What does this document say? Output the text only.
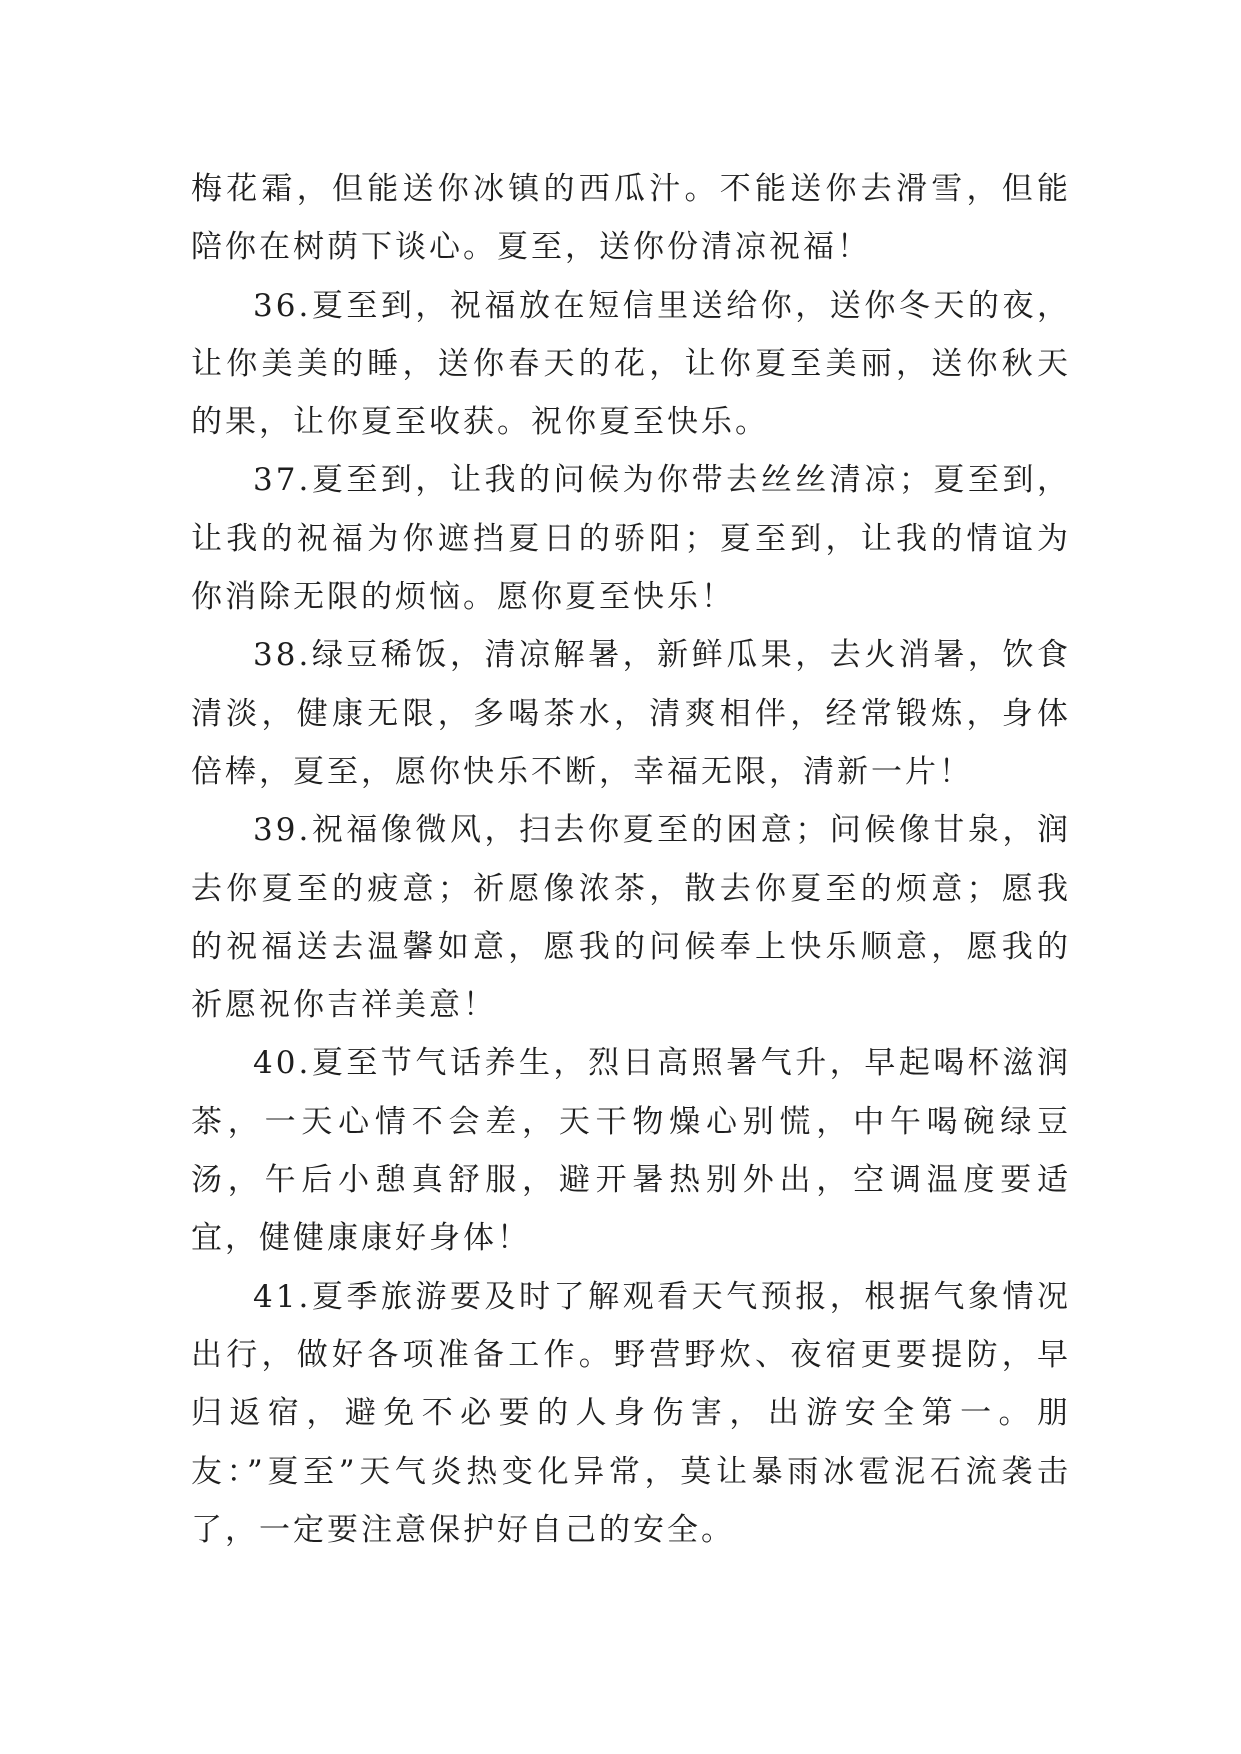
梅花霜，但能送你冰镇的西瓜汁。不能送你去滑雪，但能陪你在树荫下谈心。夏至，送你份清凉祝福！

36.夏至到，祝福放在短信里送给你，送你冬天的夜，让你美美的睡，送你春天的花，让你夏至美丽，送你秋天的果，让你夏至收获。祝你夏至快乐。

37.夏至到，让我的问候为你带去丝丝清凉；夏至到，让我的祝福为你遮挡夏日的骄阳；夏至到，让我的情谊为你消除无限的烦恼。愿你夏至快乐！

38.绿豆稀饭，清凉解暑，新鲜瓜果，去火消暑，饮食清淡，健康无限，多喝茶水，清爽相伴，经常锻炼，身体倍棒，夏至，愿你快乐不断，幸福无限，清新一片！

39.祝福像微风，扫去你夏至的困意；问候像甘泉，润去你夏至的疲意；祈愿像浓茶，散去你夏至的烦意；愿我的祝福送去温馨如意，愿我的问候奉上快乐顺意，愿我的祈愿祝你吉祥美意！

40.夏至节气话养生，烈日高照暑气升，早起喝杯滋润茶，一天心情不会差，天干物燥心别慌，中午喝碗绿豆汤，午后小憩真舒服，避开暑热别外出，空调温度要适宜，健健康康好身体！

41.夏季旅游要及时了解观看天气预报，根据气象情况出行，做好各项准备工作。野营野炊、夜宿更要提防，早归返宿，避免不必要的人身伤害，出游安全第一。朋友：”夏至”天气炎热变化异常，莫让暴雨冰雹泥石流袭击了，一定要注意保护好自己的安全。
